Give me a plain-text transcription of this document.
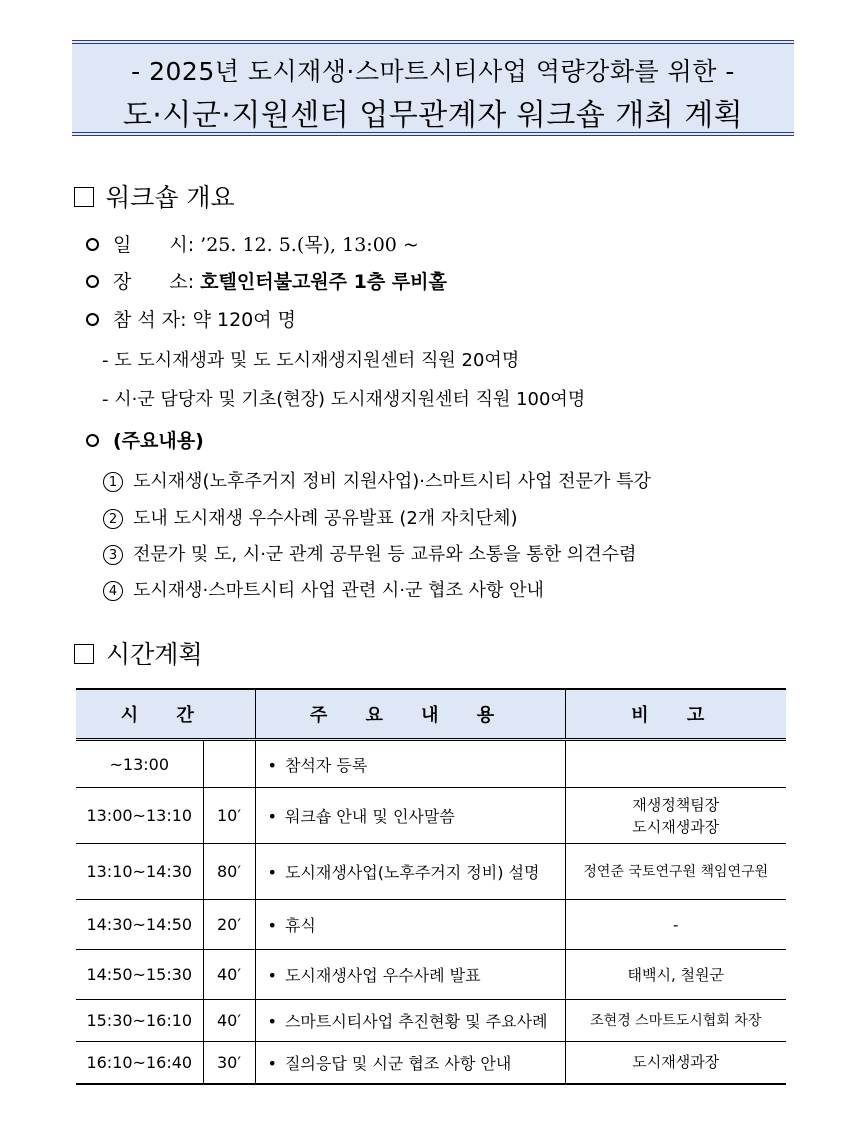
- 2025년 도시재생·스마트시티사업 역량강화를 위한 -
도·시군·지원센터 업무관계자 워크숍 개최 계획
워크숍 개요
일　　시: ’25. 12. 5.(목), 13:00 ~
장　　소: 호텔인터불고원주 1층 루비홀
참 석 자: 약 120여 명
- 도 도시재생과 및 도 도시재생지원센터 직원 20여명
- 시·군 담당자 및 기초(현장) 도시재생지원센터 직원 100여명
(주요내용)
1 도시재생(노후주거지 정비 지원사업)·스마트시티 사업 전문가 특강
2 도내 도시재생 우수사례 공유발표 (2개 자치단체)
3 전문가 및 도, 시·군 관계 공무원 등 교류와 소통을 통한 의견수렴
4 도시재생·스마트시티 사업 관련 시·군 협조 사항 안내
시간계획
시 간		주 요 내 용	비 고
~13:00		• 참석자 등록	
13:00~13:10	10′	• 워크숍 안내 및 인사말씀	재생정책팀장
도시재생과장
13:10~14:30	80′	• 도시재생사업(노후주거지 정비) 설명	정연준 국토연구원 책임연구원
14:30~14:50	20′	• 휴식	-
14:50~15:30	40′	• 도시재생사업 우수사례 발표	태백시, 철원군
15:30~16:10	40′	• 스마트시티사업 추진현황 및 주요사례	조현경 스마트도시협회 차장
16:10~16:40	30′	• 질의응답 및 시군 협조 사항 안내	도시재생과장
